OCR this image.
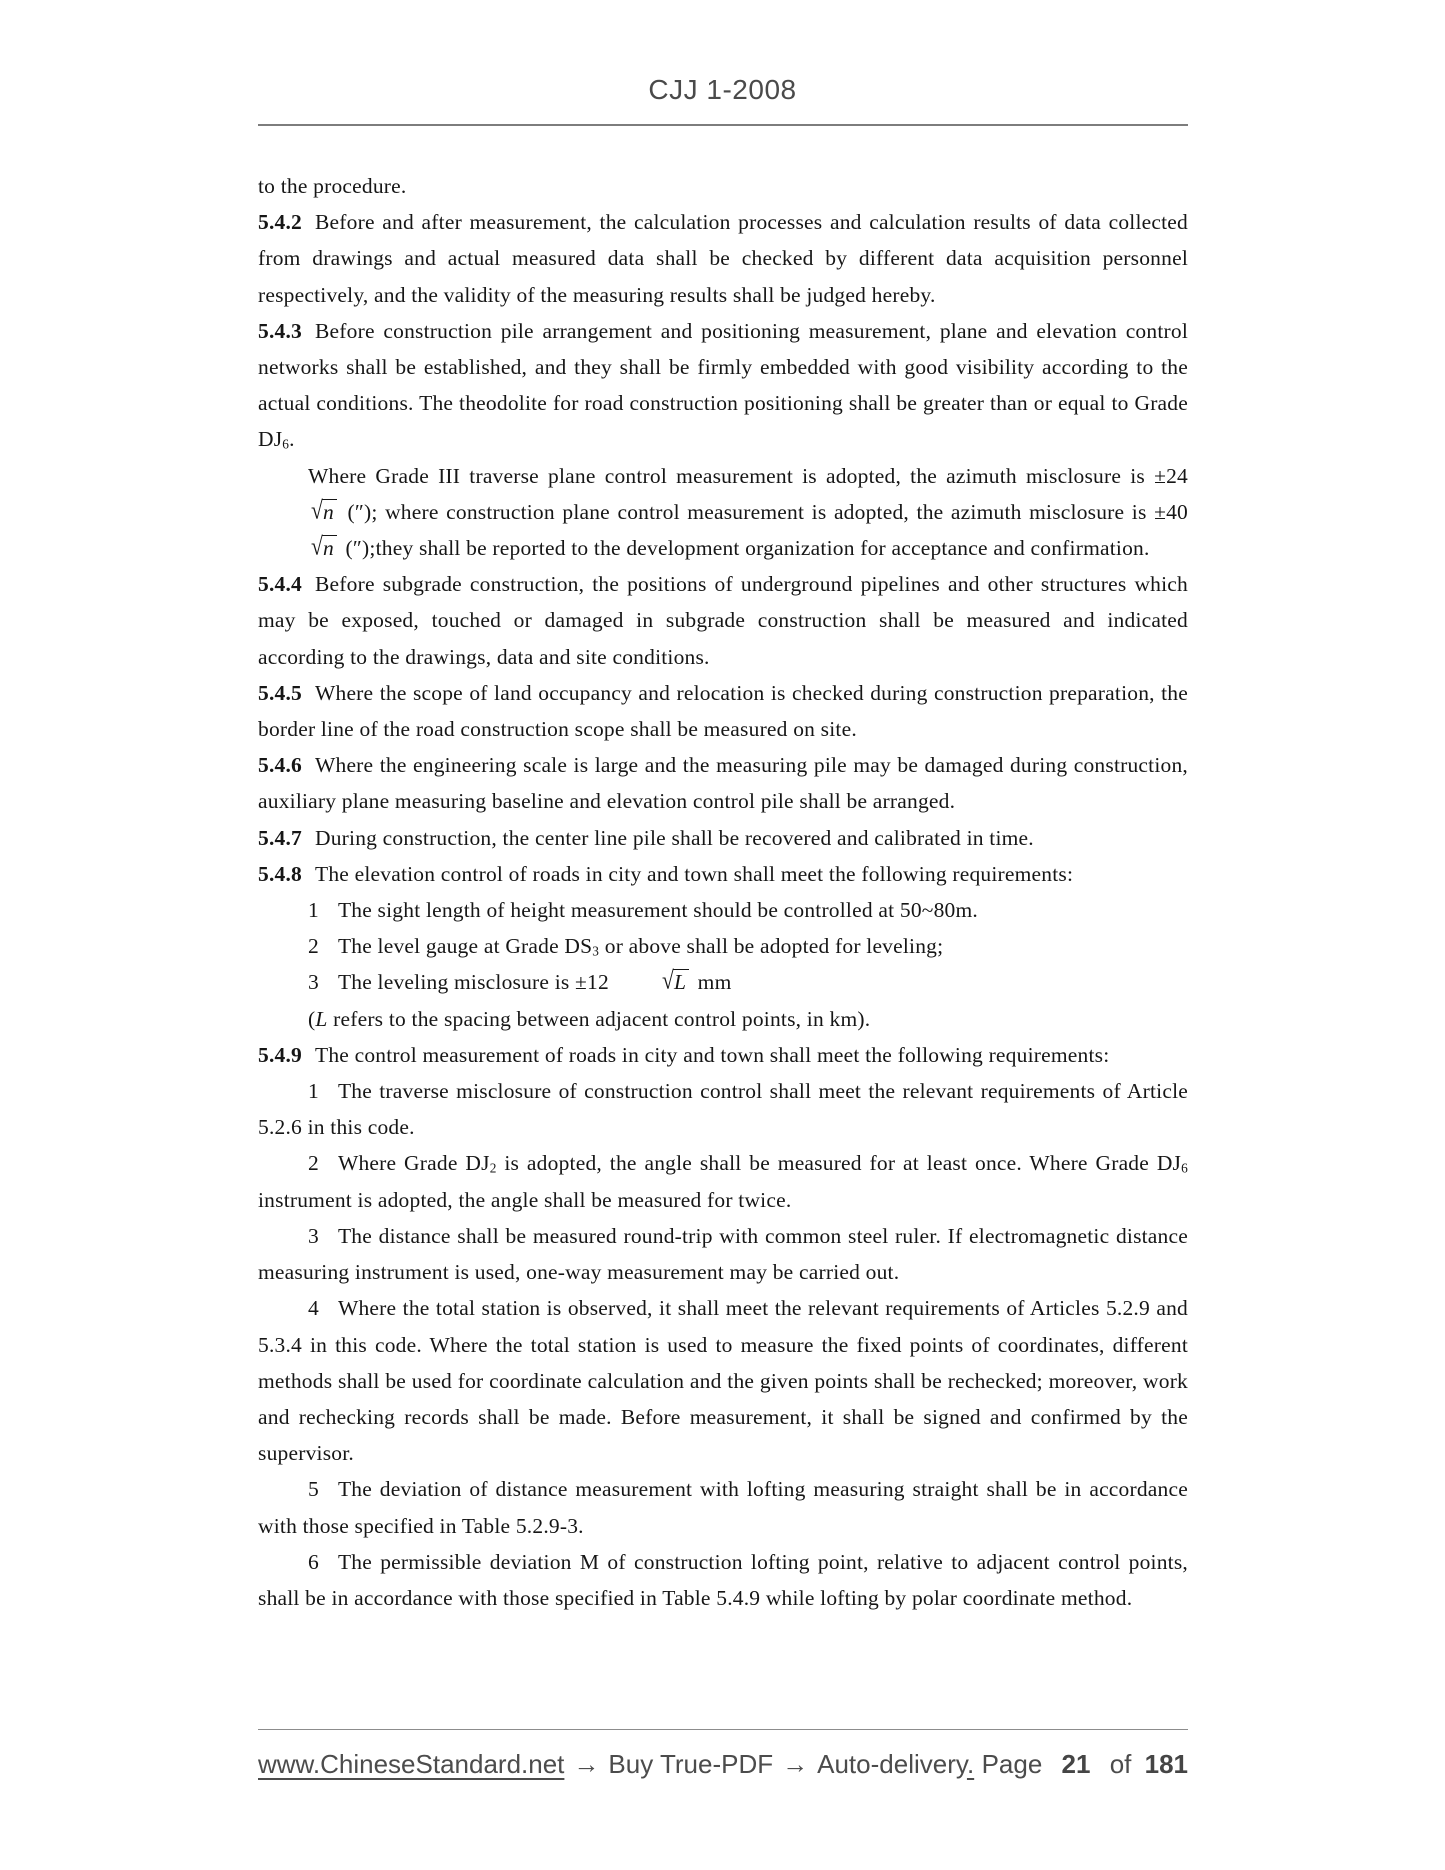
CJJ 1-2008

to the procedure.

5.4.2 Before and after measurement, the calculation processes and calculation results of data collected from drawings and actual measured data shall be checked by different data acquisition personnel respectively, and the validity of the measuring results shall be judged hereby.

5.4.3 Before construction pile arrangement and positioning measurement, plane and elevation control networks shall be established, and they shall be firmly embedded with good visibility according to the actual conditions. The theodolite for road construction positioning shall be greater than or equal to Grade $DJ_6$.

Where Grade III traverse plane control measurement is adopted, the azimuth misclosure is ±24√n (″); where construction plane control measurement is adopted, the azimuth misclosure is ±40√n (″);they shall be reported to the development organization for acceptance and confirmation.

5.4.4 Before subgrade construction, the positions of underground pipelines and other structures which may be exposed, touched or damaged in subgrade construction shall be measured and indicated according to the drawings, data and site conditions.

5.4.5 Where the scope of land occupancy and relocation is checked during construction preparation, the border line of the road construction scope shall be measured on site.

5.4.6 Where the engineering scale is large and the measuring pile may be damaged during construction, auxiliary plane measuring baseline and elevation control pile shall be arranged.

5.4.7 During construction, the center line pile shall be recovered and calibrated in time.

5.4.8 The elevation control of roads in city and town shall meet the following requirements:

1 The sight length of height measurement should be controlled at 50~80m.

2 The level gauge at Grade $DS_3$ or above shall be adopted for leveling;

3 The leveling misclosure is ±12 √L mm

(L refers to the spacing between adjacent control points, in km).

5.4.9 The control measurement of roads in city and town shall meet the following requirements:

1 The traverse misclosure of construction control shall meet the relevant requirements of Article 5.2.6 in this code.

2 Where Grade $DJ_2$ is adopted, the angle shall be measured for at least once. Where Grade $DJ_6$ instrument is adopted, the angle shall be measured for twice.

3 The distance shall be measured round-trip with common steel ruler. If electromagnetic distance measuring instrument is used, one-way measurement may be carried out.

4 Where the total station is observed, it shall meet the relevant requirements of Articles 5.2.9 and 5.3.4 in this code. Where the total station is used to measure the fixed points of coordinates, different methods shall be used for coordinate calculation and the given points shall be rechecked; moreover, work and rechecking records shall be made. Before measurement, it shall be signed and confirmed by the supervisor.

5 The deviation of distance measurement with lofting measuring straight shall be in accordance with those specified in Table 5.2.9-3.

6 The permissible deviation M of construction lofting point, relative to adjacent control points, shall be in accordance with those specified in Table 5.4.9 while lofting by polar coordinate method.

www.ChineseStandard.net → Buy True-PDF → Auto-delivery. Page 21 of 181
